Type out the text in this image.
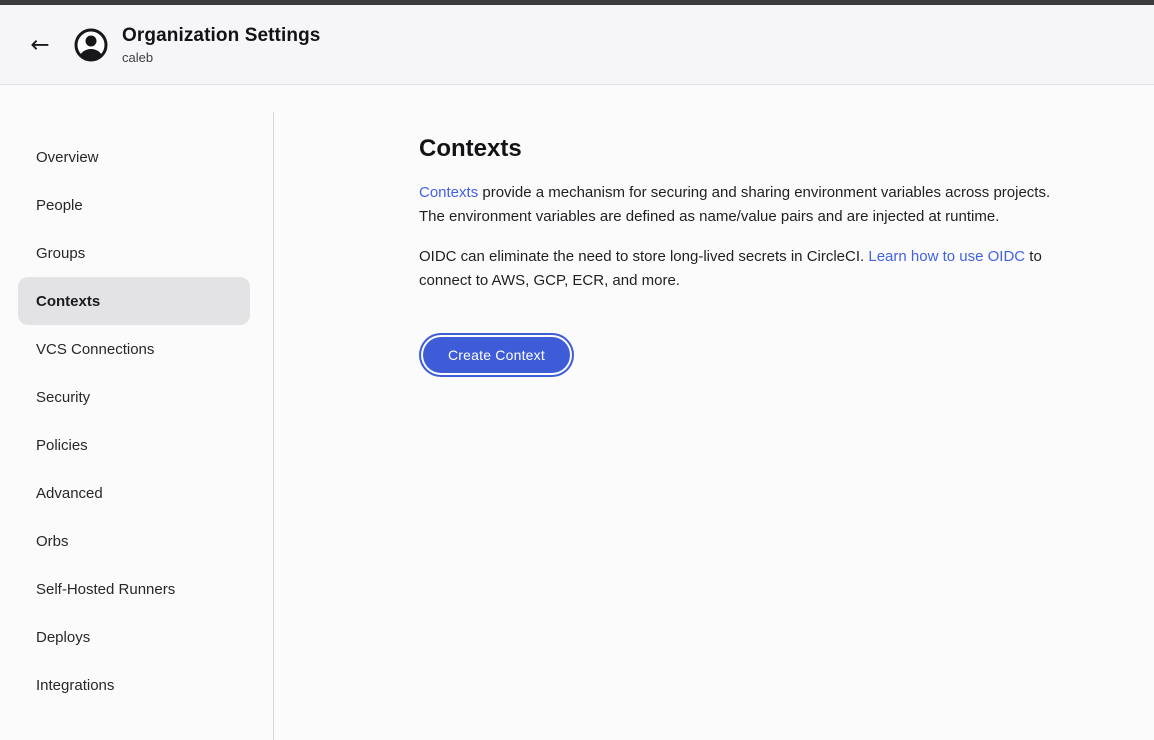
←	Organization Settings
caleb
Overview
People
Groups
Contexts
VCS Connections
Security
Policies
Advanced
Orbs
Self-Hosted Runners
Deploys
Integrations
Contexts

Contexts provide a mechanism for securing and sharing environment variables across projects. The environment variables are defined as name/value pairs and are injected at runtime.

OIDC can eliminate the need to store long-lived secrets in CircleCI. Learn how to use OIDC to connect to AWS, GCP, ECR, and more.

Create Context
